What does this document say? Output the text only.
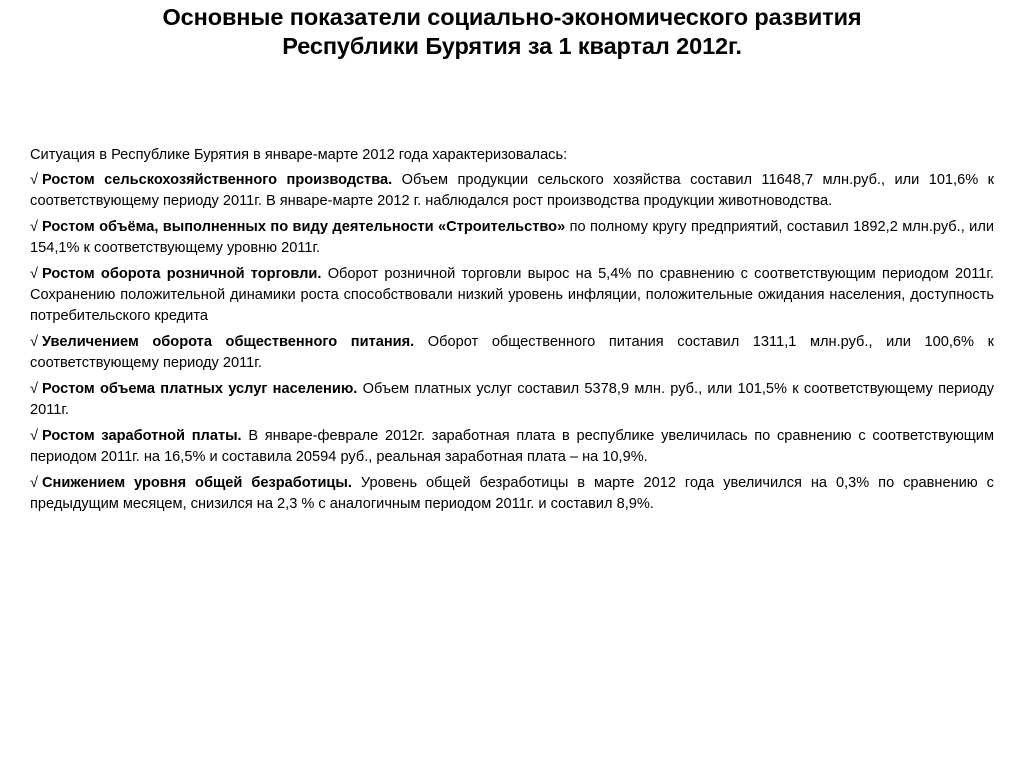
Основные показатели социально-экономического развития
Республики Бурятия за 1 квартал 2012г.

Ситуация в Республике Бурятия в январе-марте 2012 года характеризовалась:

√ Ростом сельскохозяйственного производства. Объем продукции сельского хозяйства составил 11648,7 млн.руб., или 101,6% к соответствующему периоду 2011г. В январе-марте 2012 г. наблюдался рост производства продукции животноводства.

√ Ростом объёма, выполненных по виду деятельности «Строительство» по полному кругу предприятий, составил 1892,2 млн.руб., или 154,1% к соответствующему уровню 2011г.

√ Ростом оборота розничной торговли. Оборот розничной торговли вырос на 5,4% по сравнению с соответствующим периодом 2011г. Сохранению положительной динамики роста способствовали низкий уровень инфляции, положительные ожидания населения, доступность потребительского кредита

√ Увеличением оборота общественного питания. Оборот общественного питания составил 1311,1 млн.руб., или 100,6% к соответствующему периоду 2011г.

√ Ростом объема платных услуг населению. Объем платных услуг составил 5378,9 млн. руб., или 101,5% к соответствующему периоду 2011г.

√ Ростом заработной платы. В январе-феврале 2012г. заработная плата в республике увеличилась по сравнению с соответствующим периодом 2011г. на 16,5% и составила 20594 руб., реальная заработная плата – на 10,9%.

√ Снижением уровня общей безработицы. Уровень общей безработицы в марте 2012 года увеличился на 0,3% по сравнению с предыдущим месяцем, снизился на 2,3 % с аналогичным периодом 2011г. и составил 8,9%.
